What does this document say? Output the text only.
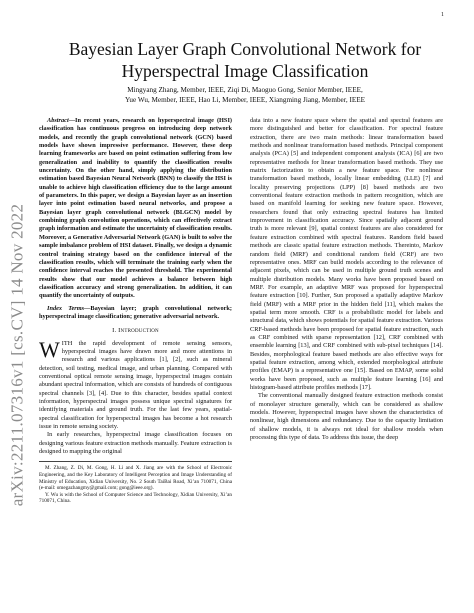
1
arXiv:2211.07316v1 [cs.CV] 14 Nov 2022
Bayesian Layer Graph Convolutional Network for Hyperspectral Image Classification
Mingyang Zhang, Member, IEEE, Ziqi Di, Maoguo Gong, Senior Member, IEEE,
Yue Wu, Member, IEEE, Hao Li, Member, IEEE, Xiangming Jiang, Member, IEEE

Abstract—In recent years, research on hyperspectral image (HSI) classification has continuous progress on introducing deep network models, and recently the graph convolutional network (GCN) based models have shown impressive performance. However, these deep learning frameworks are based on point estimation suffering from low generalization and inability to quantify the classification results uncertainty. On the other hand, simply applying the distribution estimation based Bayesian Neural Network (BNN) to classify the HSI is unable to achieve high classification efficiency due to the large amount of parameters. In this paper, we design a Bayesian layer as an insertion layer into point estimation based neural networks, and propose a Bayesian layer graph convolutional network (BLGCN) model by combining graph convolution operations, which can effectively extract graph information and estimate the uncertainty of classification results. Moreover, a Generative Adversarial Network (GAN) is built to solve the sample imbalance problem of HSI dataset. Finally, we design a dynamic control training strategy based on the confidence interval of the classification results, which will terminate the training early when the confidence interval reaches the presented threshold. The experimental results show that our model achieves a balance between high classification accuracy and strong generalization. In addition, it can quantify the uncertainty of outputs.

Index Terms—Bayesian layer; graph convolutional network; hyperspectral image classification; generative adversarial network.

I. Introduction

WITH the rapid development of remote sensing sensors, hyperspectral images have drawn more and more attentions in research and various applications [1], [2], such as mineral detection, soil testing, medical image, and urban planning. Compared with conventional optical remote sensing image, hyperspectral images contain abundant spectral information, which are consists of hundreds of contiguous spectral channels [3], [4]. Due to this character, besides spatial context information, hyperspectral images possess unique spectral signatures for identifying materials and ground truth. For the last few years, spatial-spectral classification for hyperspectral images has become a hot research issue in remote sensing society.

In early researches, hyperspectral image classification focuses on designing various feature extraction methods manually. Feature extraction is designed to mapping the original

M. Zhang, Z. Di, M. Gong, H. Li and X. Jiang are with the School of Electronic Engineering, and the Key Laboratory of Intelligent Perception and Image Understanding of Ministry of Education, Xidian University, No. 2 South TaiBai Road, Xi’an 710071, China (e-mail: omegazhangmy@gmail.com; gong@ieee.org).

Y. Wu is with the School of Computer Science and Technology, Xidian University, Xi’an 710071, China.

data into a new feature space where the spatial and spectral features are more distinguished and better for classification. For spectral feature extraction, there are two main methods: linear transformation based methods and nonlinear transformation based methods. Principal component analysis (PCA) [5] and independent component analysis (ICA) [6] are two representative methods for linear transformation based methods. They use matrix factorization to obtain a new feature space. For nonlinear transformation based methods, locally linear embedding (LLE) [7] and locality preserving projections (LPP) [8] based methods are two conventional feature extraction methods in pattern recognition, which are based on manifold learning for seeking new feature space. However, researchers found that only extracting spectral features has limited improvement in classification accuracy. Since spatially adjacent ground truth is more relevant [9], spatial context features are also considered for feature extraction combined with spectral features. Random field based methods are classic spatial feature extraction methods. Thereinto, Markov random field (MRF) and conditional random field (CRF) are two representative ones. MRF can build models according to the relevance of adjacent pixels, which can be used in multiple ground truth scenes and multiple distribution models. Many works have been proposed based on MRF. For example, an adaptive MRF was proposed for hyperspectral feature extraction [10]. Further, Sun proposed a spatially adaptive Markov field (MRF) with a MRF prior in the hidden field [11], which makes the spatial term more smooth. CRF is a probabilistic model for labels and structural data, which shows potentials for spatial feature extraction. Various CRF-based methods have been proposed for spatial feature extraction, such as CRF combined with sparse representation [12], CRF combined with ensemble learning [13], and CRF combined with sub-pixel techniques [14]. Besides, morphological feature based methods are also effective ways for spatial feature extraction, among which, extended morphological attribute profiles (EMAP) is a representative one [15]. Based on EMAP, some solid works have been proposed, such as multiple feature learning [16] and histogram-based attribute profiles methods [17].

The conventional manually designed feature extraction methods consist of monolayer structure generally, which can be considered as shallow models. However, hyperspectral images have shown the characteristics of nonlinear, high dimensions and redundancy. Due to the capacity limitation of shallow models, it is always not ideal for shallow models when processing this type of data. To address this issue, the deep
